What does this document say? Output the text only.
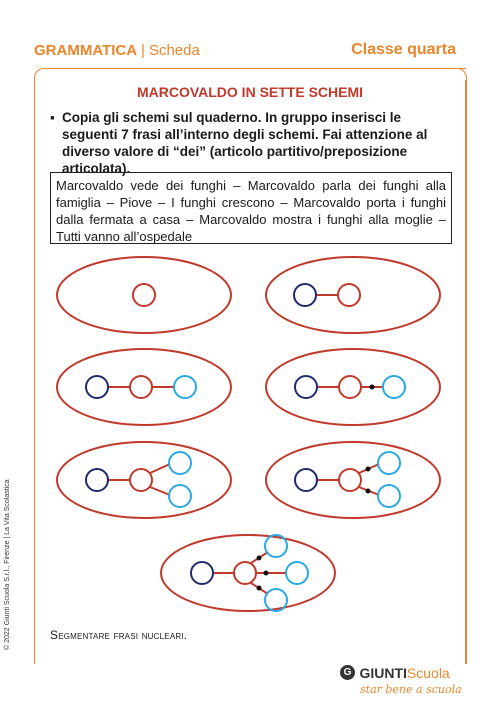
GRAMMATICA | Scheda	Classe quarta
MARCOVALDO IN SETTE SCHEMI
▪ Copia gli schemi sul quaderno. In gruppo inserisci le seguenti 7 frasi all’interno degli schemi. Fai attenzione al diverso valore di “dei” (articolo partitivo/preposizione articolata).
Marcovaldo vede dei funghi – Marcovaldo parla dei funghi alla famiglia – Piove – I funghi crescono – Marcovaldo porta i funghi dalla fermata a casa – Marcovaldo mostra i funghi alla moglie – Tutti vanno all’ospedale
Segmentare frasi nucleari.
© 2022 Giunti Scuola S.r.l., Firenze | La Vita Scolastica
G GIUNTIScuola
star bene a scuola
